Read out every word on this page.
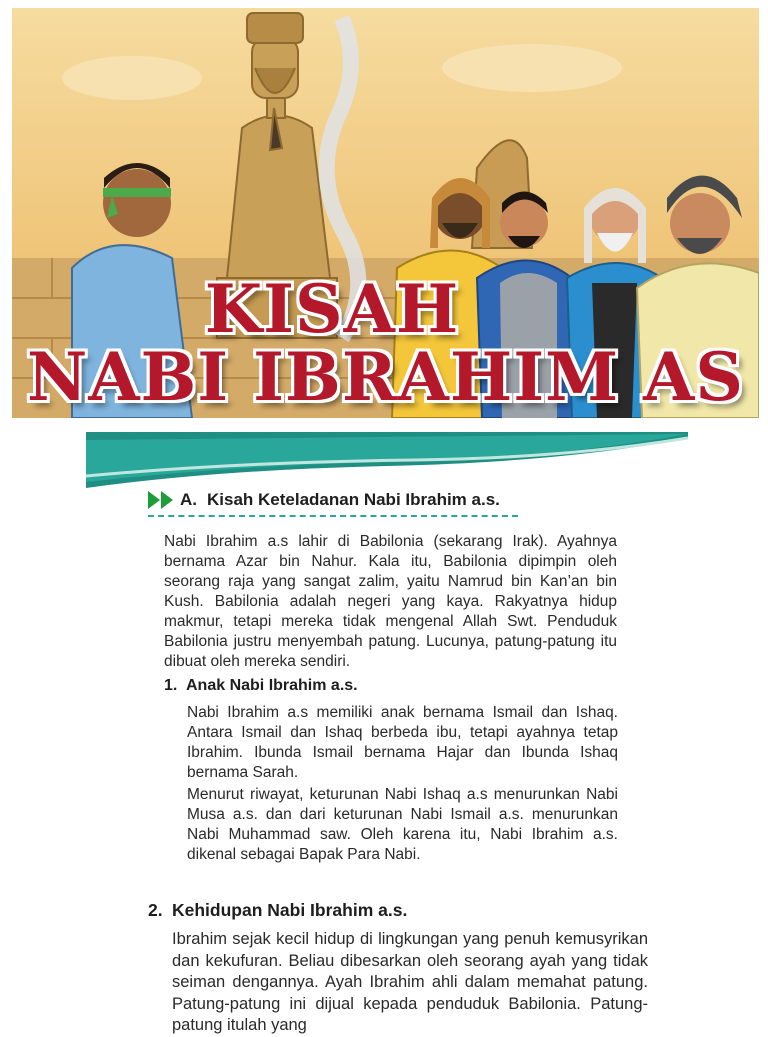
KISAH
NABI IBRAHIM AS
A. Kisah Keteladanan Nabi Ibrahim a.s.
Nabi Ibrahim a.s lahir di Babilonia (sekarang Irak). Ayahnya bernama Azar bin Nahur. Kala itu, Babilonia dipimpin oleh seorang raja yang sangat zalim, yaitu Namrud bin Kan’an bin Kush. Babilonia adalah negeri yang kaya. Rakyatnya hidup makmur, tetapi mereka tidak mengenal Allah Swt. Penduduk Babilonia justru menyembah patung. Lucunya, patung-patung itu dibuat oleh mereka sendiri.
1. Anak Nabi Ibrahim a.s.
Nabi Ibrahim a.s memiliki anak bernama Ismail dan Ishaq. Antara Ismail dan Ishaq berbeda ibu, tetapi ayahnya tetap Ibrahim. Ibunda Ismail bernama Hajar dan Ibunda Ishaq bernama Sarah.
Menurut riwayat, keturunan Nabi Ishaq a.s menurunkan Nabi Musa a.s. dan dari keturunan Nabi Ismail a.s. menurunkan Nabi Muhammad saw. Oleh karena itu, Nabi Ibrahim a.s. dikenal sebagai Bapak Para Nabi.
2. Kehidupan Nabi Ibrahim a.s.
Ibrahim sejak kecil hidup di lingkungan yang penuh kemusyrikan dan kekufuran. Beliau dibesarkan oleh seorang ayah yang tidak seiman dengannya. Ayah Ibrahim ahli dalam memahat patung. Patung-patung ini dijual kepada penduduk Babilonia. Patung-patung itulah yang
